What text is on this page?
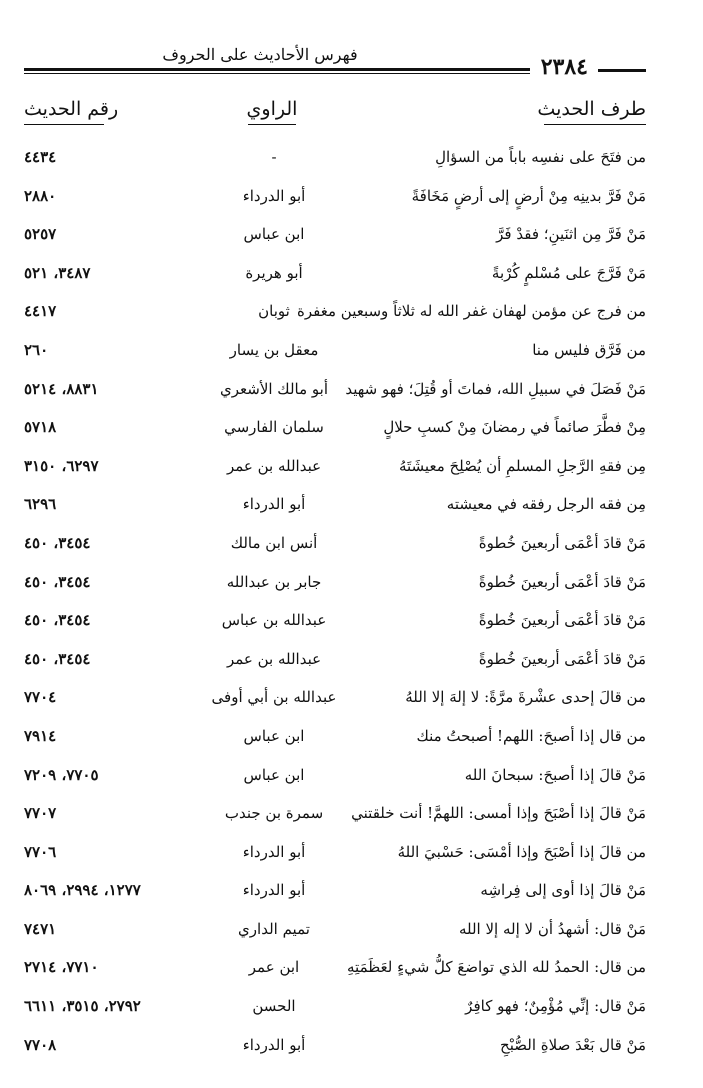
فهرس الأحاديث على الحروف	٢٣٨٤
طرف الحديث
الراوي
رقم الحديث
من فتَحَ على نفسِه باباً من السؤالِ
-
٤٤٣٤
مَنْ فَرَّ بدينِه مِنْ أرضٍ إلى أرضٍ مَخَافَةً
أبو الدرداء
٢٨٨٠
مَنْ فَرَّ مِن اثنَينِ؛ فقدْ فَرَّ
ابن عباس
٥٢٥٧
مَنْ فَرَّجَ على مُسْلمٍ كُرْبةً
أبو هريرة
٣٤٨٧، ٥٢١
من فرج عن مؤمن لهفان غفر الله له ثلاثاً وسبعين مغفرة
ثوبان
٤٤١٧
من فَرَّق فليس منا
معقل بن يسار
٢٦٠
مَنْ فَصَلَ في سبيلِ الله، فماتَ أو قُتِلَ؛ فهو شهيد
أبو مالك الأشعري
٨٨٣١، ٥٢١٤
مِنْ فطَّرَ صائماً في رمضانَ مِنْ كسبِ حلالٍ
سلمان الفارسي
٥٧١٨
مِن فقهِ الرَّجلِ المسلمِ أن يُصْلِحَ معيشَتَهُ
عبدالله بن عمر
٦٢٩٧، ٣١٥٠
مِن فقه الرجل رفقه في معيشته
أبو الدرداء
٦٢٩٦
مَنْ قادَ أعْمَى أربعينَ خُطوةً
أنس ابن مالك
٣٤٥٤، ٤٥٠
مَنْ قادَ أعْمَى أربعينَ خُطوةً
جابر بن عبدالله
٣٤٥٤، ٤٥٠
مَنْ قادَ أعْمَى أربعينَ خُطوةً
عبدالله بن عباس
٣٤٥٤، ٤٥٠
مَنْ قادَ أعْمَى أربعينَ خُطوةً
عبدالله بن عمر
٣٤٥٤، ٤٥٠
من قالَ إحدى عشْرةَ مرَّةً: لا إلهَ إلا اللهُ
عبدالله بن أبي أوفى
٧٧٠٤
من قال إذا أصبحَ: اللهم! أصبحتُ منك
ابن عباس
٧٩١٤
مَنْ قالَ إذا أصبحَ: سبحانَ الله
ابن عباس
٧٧٠٥، ٧٢٠٩
مَنْ قالَ إذا أصْبَحَ وإذا أمسى: اللهمَّ! أنت خلقتني
سمرة بن جندب
٧٧٠٧
من قالَ إذا أصْبَحَ وإذا أمْسَى: حَسْبيَ اللهُ
أبو الدرداء
٧٧٠٦
مَنْ قالَ إذا أوى إلى فِراشِه
أبو الدرداء
١٢٧٧، ٢٩٩٤، ٨٠٦٩
مَنْ قال: أشهدُ أن لا إله إلا الله
تميم الداري
٧٤٧١
من قال: الحمدُ لله الذي تواضعَ كلُّ شيءٍ لعَظَمَتِهِ
ابن عمر
٧٧١٠، ٢٧١٤
مَنْ قال: إنِّي مُؤْمِنٌ؛ فهو كافِرٌ
الحسن
٢٧٩٢، ٣٥١٥، ٦٦١١
مَنْ قال بَعْدَ صلاةِ الصُّبْحِ
أبو الدرداء
٧٧٠٨
